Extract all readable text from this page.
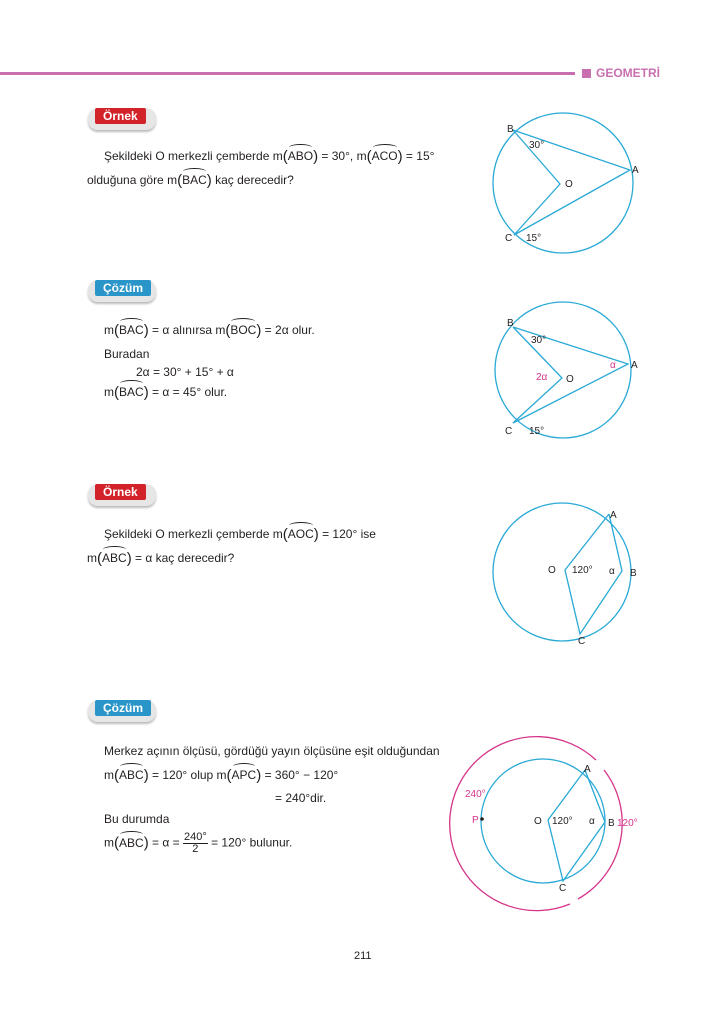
GEOMETRİ
Örnek
Şekildeki O merkezli çemberde m(ABO) = 30°, m(ACO) = 15°
olduğuna göre m(BAC) kaç derecedir?
Çözüm
m(BAC) = α alınırsa m(BOC) = 2α olur.
Buradan
2α = 30° + 15° + α
m(BAC) = α = 45° olur.
Örnek
Şekildeki O merkezli çemberde m(AOC) = 120° ise
m(ABC) = α kaç derecedir?
Çözüm
Merkez açının ölçüsü, gördüğü yayın ölçüsüne eşit olduğundan
m(ABC) = 120° olup m(APC) = 360° − 120°
= 240°dir.
Bu durumda
$m(ABC) = \alpha = \frac{240^\circ}{2} = 120^\circ$ bulunur.
B
A
C
O
30°
15°
B
A
C
O
30°
15°
2α
α
A
B
C
O 120° α
A
B
C
O
P	120° α 120°
240°
211
